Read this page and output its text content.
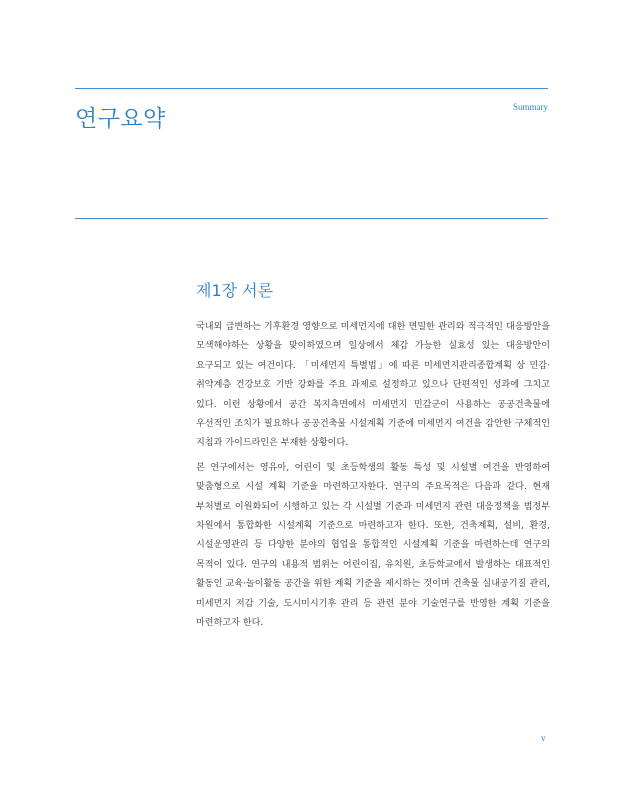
연구요약	Summary
제1장 서론

국내외 급변하는 기후환경 영향으로 미세먼지에 대한 면밀한 관리와 적극적인 대응방안을 모색해야하는 상황을 맞이하였으며 일상에서 체감 가능한 실효성 있는 대응방안이 요구되고 있는 여건이다. 「미세먼지 특별법」에 따른 미세먼지관리종합계획 상 민감·취약계층 건강보호 기반 강화를 주요 과제로 설정하고 있으나 단편적인 성과에 그치고 있다. 이런 상황에서 공간 복지측면에서 미세먼지 민감군이 사용하는 공공건축물에 우선적인 조치가 필요하나 공공건축물 시설계획 기준에 미세먼지 여건을 감안한 구체적인 지침과 가이드라인은 부재한 상황이다.

본 연구에서는 영유아, 어린이 및 초등학생의 활동 특성 및 시설별 여건을 반영하여 맞춤형으로 시설 계획 기준을 마련하고자한다. 연구의 주요목적은 다음과 같다. 현재 부처별로 이원화되어 시행하고 있는 각 시설별 기준과 미세먼지 관련 대응정책을 범정부 차원에서 통합화한 시설계획 기준으로 마련하고자 한다. 또한, 건축계획, 설비, 환경, 시설운영관리 등 다양한 분야의 협업을 통합적인 시설계획 기준을 마련하는데 연구의 목적이 있다. 연구의 내용적 범위는 어린이집, 유치원, 초등학교에서 발생하는 대표적인 활동인 교육·놀이활동 공간을 위한 계획 기준을 제시하는 것이며 건축물 실내공기질 관리, 미세먼지 저감 기술, 도시미시기후 관리 등 관련 분야 기술연구를 반영한 계획 기준을 마련하고자 한다.

v
